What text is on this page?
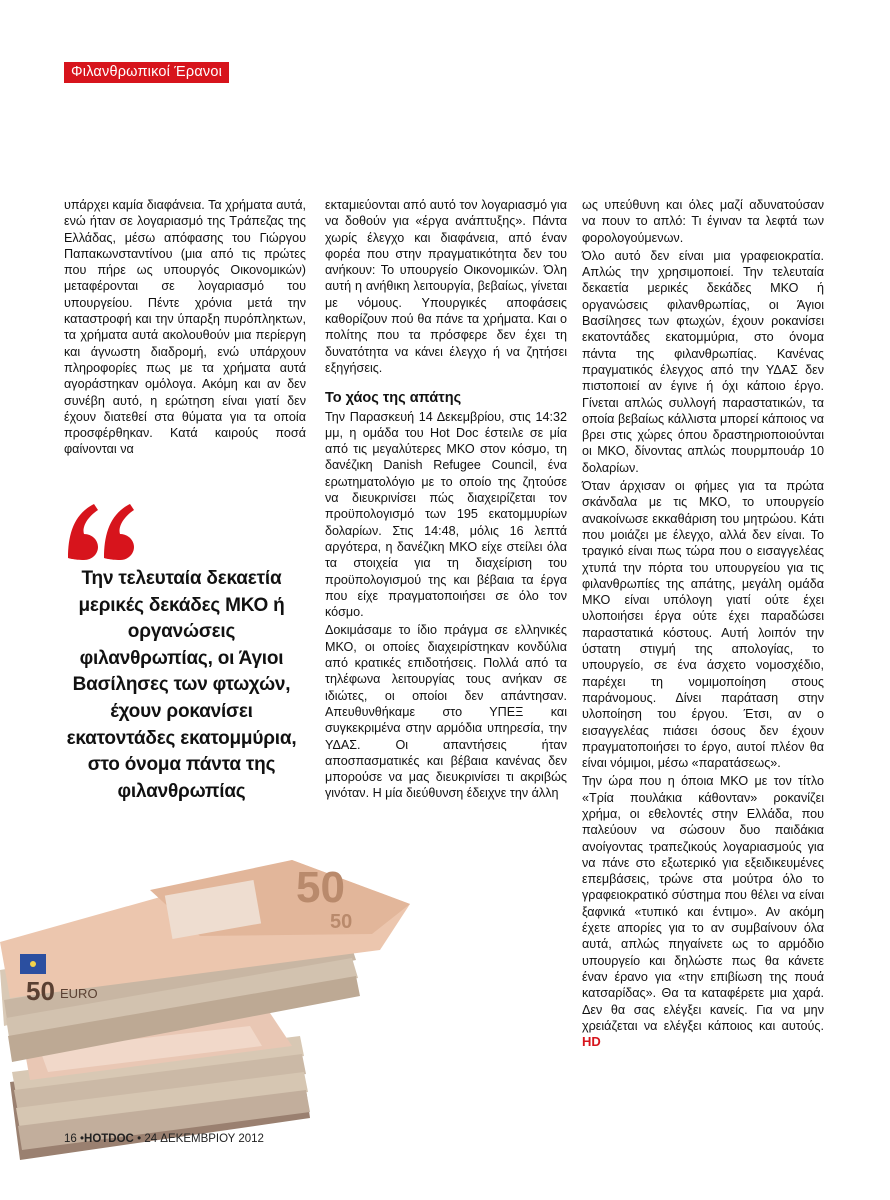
Φιλανθρωπικοί Έρανοι

υπάρχει καμία διαφάνεια. Τα χρήματα αυτά, ενώ ήταν σε λογαριασμό της Τράπεζας της Ελλάδας, μέσω απόφασης του Γιώργου Παπακωνσταντίνου (μια από τις πρώτες που πήρε ως υπουργός Οικονομικών) μεταφέρονται σε λογαριασμό του υπουργείου. Πέντε χρόνια μετά την καταστροφή και την ύπαρξη πυρόπληκτων, τα χρήματα αυτά ακολουθούν μια περίεργη και άγνωστη διαδρομή, ενώ υπάρχουν πληροφορίες πως με τα χρήματα αυτά αγοράστηκαν ομόλογα. Ακόμη και αν δεν συνέβη αυτό, η ερώτηση είναι γιατί δεν έχουν διατεθεί στα θύματα για τα οποία προσφέρθηκαν. Κατά καιρούς ποσά φαίνονται να

Την τελευταία δεκαετία μερικές δεκάδες ΜΚΟ ή οργανώσεις φιλανθρωπίας, οι Άγιοι Βασίλησες των φτωχών, έχουν ροκανίσει εκατοντάδες εκατομμύρια, στο όνομα πάντα της φιλανθρωπίας

εκταμιεύονται από αυτό τον λογαριασμό για να δοθούν για «έργα ανάπτυξης». Πάντα χωρίς έλεγχο και διαφάνεια, από έναν φορέα που στην πραγματικότητα δεν του ανήκουν: Το υπουργείο Οικονομικών. Όλη αυτή η ανήθικη λειτουργία, βεβαίως, γίνεται με νόμους. Υπουργικές αποφάσεις καθορίζουν πού θα πάνε τα χρήματα. Και ο πολίτης που τα πρόσφερε δεν έχει τη δυνατότητα να κάνει έλεγχο ή να ζητήσει εξηγήσεις.

Το χάος της απάτης

Την Παρασκευή 14 Δεκεμβρίου, στις 14:32 μμ, η ομάδα του Hot Doc έστειλε σε μία από τις μεγαλύτερες ΜΚΟ στον κόσμο, τη δανέζικη Danish Refugee Council, ένα ερωτηματολόγιο με το οποίο της ζητούσε να διευκρινίσει πώς διαχειρίζεται τον προϋπολογισμό των 195 εκατομμυρίων δολαρίων. Στις 14:48, μόλις 16 λεπτά αργότερα, η δανέζικη ΜΚΟ είχε στείλει όλα τα στοιχεία για τη διαχείριση του προϋπολογισμού της και βέβαια τα έργα που είχε πραγματοποιήσει σε όλο τον κόσμο.

Δοκιμάσαμε το ίδιο πράγμα σε ελληνικές ΜΚΟ, οι οποίες διαχειρίστηκαν κονδύλια από κρατικές επιδοτήσεις. Πολλά από τα τηλέφωνα λειτουργίας τους ανήκαν σε ιδιώτες, οι οποίοι δεν απάντησαν. Απευθυνθήκαμε στο ΥΠΕΞ και συγκεκριμένα στην αρμόδια υπηρεσία, την ΥΔΑΣ. Οι απαντήσεις ήταν αποσπασματικές και βέβαια κανένας δεν μπορούσε να μας διευκρινίσει τι ακριβώς γινόταν. Η μία διεύθυνση έδειχνε την άλλη

ως υπεύθυνη και όλες μαζί αδυνατούσαν να πουν το απλό: Τι έγιναν τα λεφτά των φορολογούμενων.

Όλο αυτό δεν είναι μια γραφειοκρατία. Απλώς την χρησιμοποιεί. Την τελευταία δεκαετία μερικές δεκάδες ΜΚΟ ή οργανώσεις φιλανθρωπίας, οι Άγιοι Βασίλησες των φτωχών, έχουν ροκανίσει εκατοντάδες εκατομμύρια, στο όνομα πάντα της φιλανθρωπίας. Κανένας πραγματικός έλεγχος από την ΥΔΑΣ δεν πιστοποιεί αν έγινε ή όχι κάποιο έργο. Γίνεται απλώς συλλογή παραστατικών, τα οποία βεβαίως κάλλιστα μπορεί κάποιος να βρει στις χώρες όπου δραστηριοποιούνται οι ΜΚΟ, δίνοντας απλώς πουρμπουάρ 10 δολαρίων.

Όταν άρχισαν οι φήμες για τα πρώτα σκάνδαλα με τις ΜΚΟ, το υπουργείο ανακοίνωσε εκκαθάριση του μητρώου. Κάτι που μοιάζει με έλεγχο, αλλά δεν είναι. Το τραγικό είναι πως τώρα που ο εισαγγελέας χτυπά την πόρτα του υπουργείου για τις φιλανθρωπίες της απάτης, μεγάλη ομάδα ΜΚΟ είναι υπόλογη γιατί ούτε έχει υλοποιήσει έργα ούτε έχει παραδώσει παραστατικά κόστους. Αυτή λοιπόν την ύστατη στιγμή της απολογίας, το υπουργείο, σε ένα άσχετο νομοσχέδιο, παρέχει τη νομιμοποίηση στους παράνομους. Δίνει παράταση στην υλοποίηση του έργου. Έτσι, αν ο εισαγγελέας πιάσει όσους δεν έχουν πραγματοποιήσει το έργο, αυτοί πλέον θα είναι νόμιμοι, μέσω «παρατάσεως».

Την ώρα που η όποια ΜΚΟ με τον τίτλο «Τρία πουλάκια κάθονταν» ροκανίζει χρήμα, οι εθελοντές στην Ελλάδα, που παλεύουν να σώσουν δυο παιδάκια ανοίγοντας τραπεζικούς λογαριασμούς για να πάνε στο εξωτερικό για εξειδικευμένες επεμβάσεις, τρώνε στα μούτρα όλο το γραφειοκρατικό σύστημα που θέλει να είναι ξαφνικά «τυπικό και έντιμο». Αν ακόμη έχετε απορίες για το αν συμβαίνουν όλα αυτά, απλώς πηγαίνετε ως το αρμόδιο υπουργείο και δηλώστε πως θα κάνετε έναν έρανο για «την επιβίωση της πουά κατσαρίδας». Θα τα καταφέρετε μια χαρά. Δεν θα σας ελέγξει κανείς. Για να μην χρειάζεται να ελέγξει κάποιος και αυτούς. HD

50 EURO
50
50
16 •HOTDOC • 24 ΔΕΚΕΜΒΡΙΟΥ 2012
